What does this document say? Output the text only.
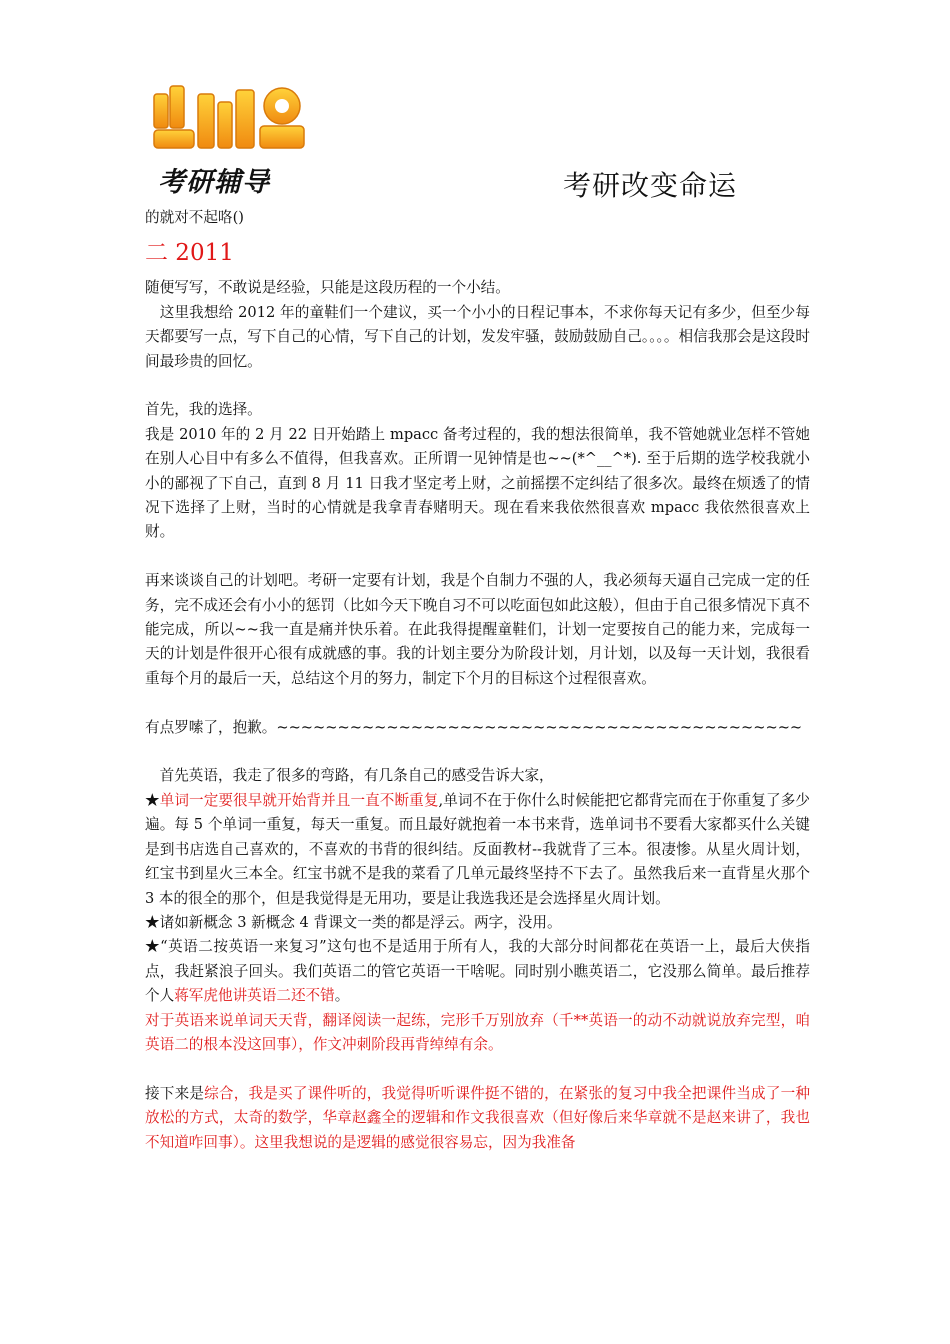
考研辅导	考研改变命运

的就对不起咯()

二 2011

随便写写，不敢说是经验，只能是这段历程的一个小结。

　这里我想给 2012 年的童鞋们一个建议，买一个小小的日程记事本，不求你每天记有多少，但至少每天都要写一点，写下自己的心情，写下自己的计划，发发牢骚，鼓励鼓励自己。。。。相信我那会是这段时间最珍贵的回忆。

首先，我的选择。

我是 2010 年的 2 月 22 日开始踏上 mpacc 备考过程的，我的想法很简单，我不管她就业怎样不管她在别人心目中有多么不值得，但我喜欢。正所谓一见钟情是也~~(*^__^*). 至于后期的选学校我就小小的鄙视了下自己，直到 8 月 11 日我才坚定考上财，之前摇摆不定纠结了很多次。最终在烦透了的情况下选择了上财，当时的心情就是我拿青春赌明天。现在看来我依然很喜欢 mpacc 我依然很喜欢上财。

再来谈谈自己的计划吧。考研一定要有计划，我是个自制力不强的人，我必须每天逼自己完成一定的任务，完不成还会有小小的惩罚（比如今天下晚自习不可以吃面包如此这般），但由于自己很多情况下真不能完成，所以~~我一直是痛并快乐着。在此我得提醒童鞋们，计划一定要按自己的能力来，完成每一天的计划是件很开心很有成就感的事。我的计划主要分为阶段计划，月计划，以及每一天计划，我很看重每个月的最后一天，总结这个月的努力，制定下个月的目标这个过程很喜欢。

有点罗嗦了，抱歉。~~~~~~~~~~~~~~~~~~~~~~~~~~~~~~~~~~~~~~~~~~~

　首先英语，我走了很多的弯路，有几条自己的感受告诉大家，

★单词一定要很早就开始背并且一直不断重复,单词不在于你什么时候能把它都背完而在于你重复了多少遍。每 5 个单词一重复，每天一重复。而且最好就抱着一本书来背，选单词书不要看大家都买什么关键是到书店选自己喜欢的，不喜欢的书背的很纠结。反面教材--我就背了三本。很凄惨。从星火周计划，红宝书到星火三本全。红宝书就不是我的菜看了几单元最终坚持不下去了。虽然我后来一直背星火那个 3 本的很全的那个，但是我觉得是无用功，要是让我选我还是会选择星火周计划。

★诸如新概念 3 新概念 4 背课文一类的都是浮云。两字，没用。

★“英语二按英语一来复习”这句也不是适用于所有人，我的大部分时间都花在英语一上，最后大侠指点，我赶紧浪子回头。我们英语二的管它英语一干啥呢。同时别小瞧英语二，它没那么简单。最后推荐个人蒋军虎他讲英语二还不错。

对于英语来说单词天天背，翻译阅读一起练，完形千万别放弃（千**英语一的动不动就说放弃完型，咱英语二的根本没这回事），作文冲刺阶段再背绰绰有余。

接下来是综合，我是买了课件听的，我觉得听听课件挺不错的，在紧张的复习中我全把课件当成了一种放松的方式，太奇的数学，华章赵鑫全的逻辑和作文我很喜欢（但好像后来华章就不是赵来讲了，我也不知道咋回事）。这里我想说的是逻辑的感觉很容易忘，因为我准备
